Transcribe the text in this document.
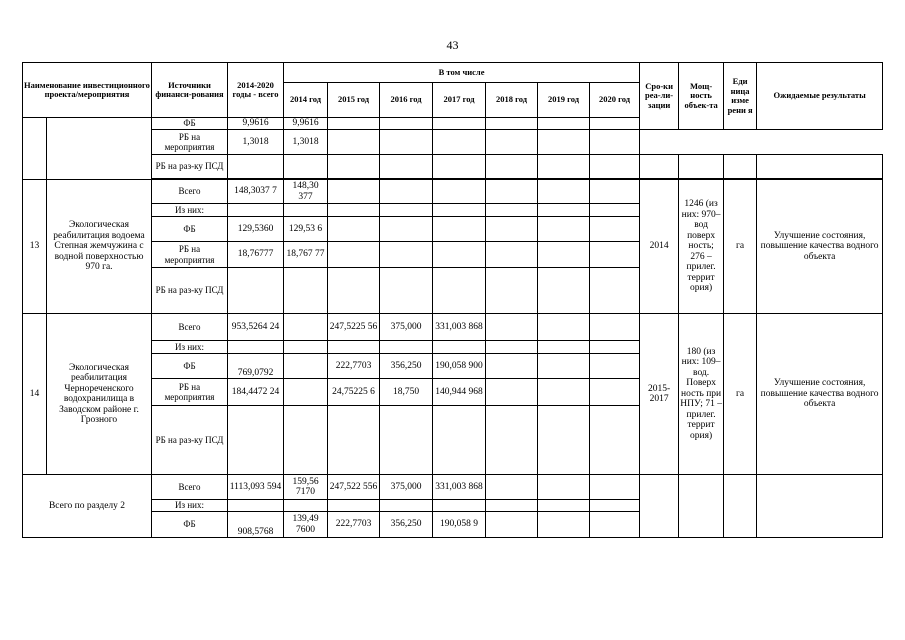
43
Наименование инвестиционного проекта/мероприятия		Источники финанси-рования	2014-2020 годы - всего	В том числе							Сро-ки реа-ли-зации	Мощ-ность объек-та	Еди ница изме рени я	Ожидаемые результаты
				2014 год	2015 год	2016 год	2017 год	2018 год	2019 год	2020 год				
		ФБ	9,9616	9,9616										
		РБ на мероприятия	1,3018	1,3018										
		РБ на раз-ку ПСД												

13	Экологическая реабилитация водоема Степная жемчужина с водной поверхностью 970 га.	Всего	148,3037 7	148,30 377							2014	1246 (из них: 970–вод поверх ность; 276 – прилег. террит ория)	га	Улучшение состояния, повышение качества водного объекта
		Из них:												
		ФБ	129,5360	129,53 6										
		РБ на мероприятия	18,76777	18,767 77										
		РБ на раз-ку ПСД												
14	Экологическая реабилитация Чернореченского водохранилища в Заводском районе г. Грозного	Всего	953,5264 24		247,5225 56	375,000	331,003 868				2015-2017	180 (из них: 109–вод. Поверх ность при НПУ; 71 – прилег. террит ория)	га	Улучшение состояния, повышение качества водного объекта
		Из них:												
		ФБ	769,0792		222,7703	356,250	190,058 900							
		РБ на мероприятия	184,4472 24		24,75225 6	18,750	140,944 968							
		РБ на раз-ку ПСД												
Всего по разделу 2		Всего	1113,093 594	159,56 7170	247,522 556	375,000	331,003 868							
		Из них:												
		ФБ	908,5768	139,49 7600	222,7703	356,250	190,058 9							
